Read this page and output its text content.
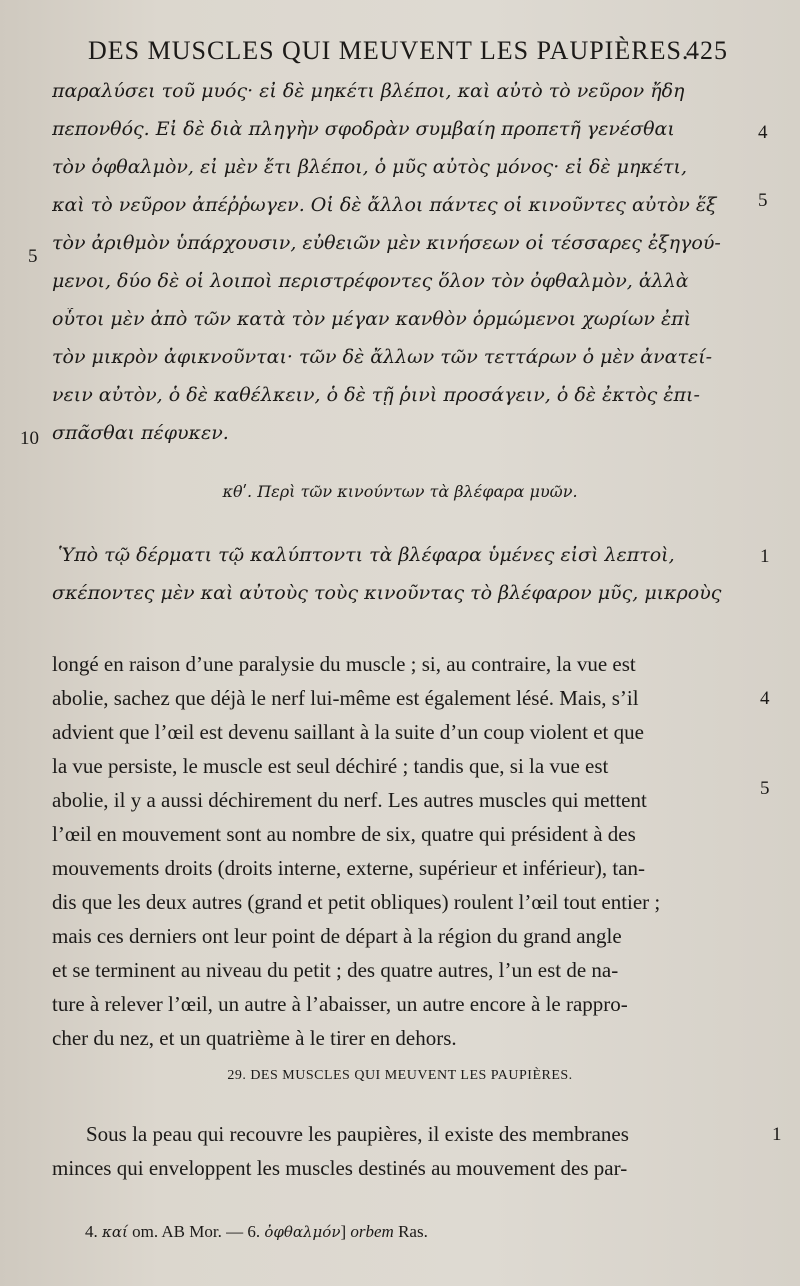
DES MUSCLES QUI MEUVENT LES PAUPIÈRES.
425
παραλύσει τοῦ μυός· εἰ δὲ μηκέτι βλέποι, καὶ αὐτὸ τὸ νεῦρον ἤδη
πεπονθός. Εἰ δὲ διὰ πληγὴν σφοδρὰν συμβαίη προπετῆ γενέσθαι
τὸν ὀφθαλμὸν, εἰ μὲν ἔτι βλέποι, ὁ μῦς αὐτὸς μόνος· εἰ δὲ μηκέτι,
καὶ τὸ νεῦρον ἀπέῤῥωγεν. Οἱ δὲ ἄλλοι πάντες οἱ κινοῦντες αὐτὸν ἕξ
τὸν ἀριθμὸν ὑπάρχουσιν, εὐθειῶν μὲν κινήσεων οἱ τέσσαρες ἐξηγού-
μενοι, δύο δὲ οἱ λοιποὶ περιστρέφοντες ὅλον τὸν ὀφθαλμὸν, ἀλλὰ
οὗτοι μὲν ἀπὸ τῶν κατὰ τὸν μέγαν κανθὸν ὁρμώμενοι χωρίων ἐπὶ
τὸν μικρὸν ἀφικνοῦνται· τῶν δὲ ἄλλων τῶν τεττάρων ὁ μὲν ἀνατεί-
νειν αὐτὸν, ὁ δὲ καθέλκειν, ὁ δὲ τῇ ῥινὶ προσάγειν, ὁ δὲ ἐκτὸς ἐπι-
σπᾶσθαι πέφυκεν.
5
10
4
5
κθʹ. Περὶ τῶν κινούντων τὰ βλέφαρα μυῶν.
Ὑπὸ τῷ δέρματι τῷ καλύπτοντι τὰ βλέφαρα ὑμένες εἰσὶ λεπτοὶ,
σκέποντες μὲν καὶ αὐτοὺς τοὺς κινοῦντας τὸ βλέφαρον μῦς, μικροὺς
1
longé en raison d’une paralysie du muscle ; si, au contraire, la vue est
abolie, sachez que déjà le nerf lui-même est également lésé. Mais, s’il
advient que l’œil est devenu saillant à la suite d’un coup violent et que
la vue persiste, le muscle est seul déchiré ; tandis que, si la vue est
abolie, il y a aussi déchirement du nerf. Les autres muscles qui mettent
l’œil en mouvement sont au nombre de six, quatre qui président à des
mouvements droits (droits interne, externe, supérieur et inférieur), tan-
dis que les deux autres (grand et petit obliques) roulent l’œil tout entier ;
mais ces derniers ont leur point de départ à la région du grand angle
et se terminent au niveau du petit ; des quatre autres, l’un est de na-
ture à relever l’œil, un autre à l’abaisser, un autre encore à le rappro-
cher du nez, et un quatrième à le tirer en dehors.
4
5
29. DES MUSCLES QUI MEUVENT LES PAUPIÈRES.
Sous la peau qui recouvre les paupières, il existe des membranes
minces qui enveloppent les muscles destinés au mouvement des par-
1
4. καί om. AB Mor. — 6. ὀφθαλμόν] orbem Ras.
